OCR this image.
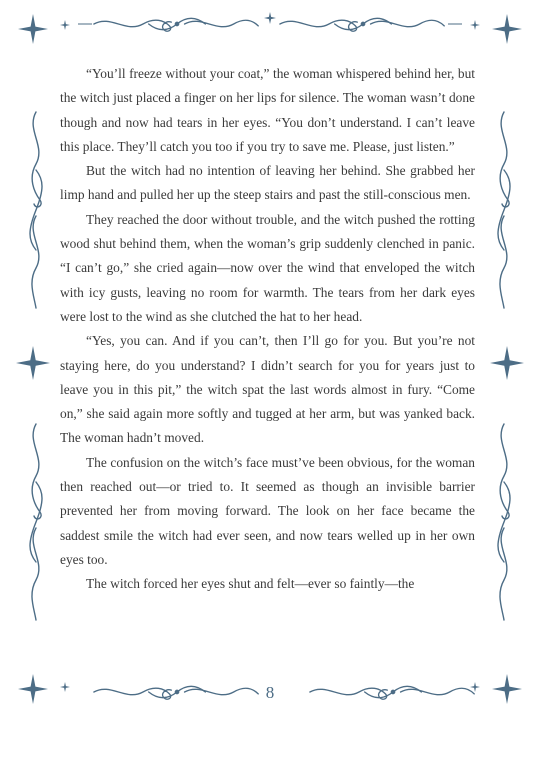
“You’ll freeze without your coat,” the woman whispered behind her, but the witch just placed a finger on her lips for silence. The woman wasn’t done though and now had tears in her eyes. “You don’t understand. I can’t leave this place. They’ll catch you too if you try to save me. Please, just listen.”

But the witch had no intention of leaving her behind. She grabbed her limp hand and pulled her up the steep stairs and past the still-conscious men.

They reached the door without trouble, and the witch pushed the rotting wood shut behind them, when the woman’s grip suddenly clenched in panic. “I can’t go,” she cried again—now over the wind that enveloped the witch with icy gusts, leaving no room for warmth. The tears from her dark eyes were lost to the wind as she clutched the hat to her head.

“Yes, you can. And if you can’t, then I’ll go for you. But you’re not staying here, do you understand? I didn’t search for you for years just to leave you in this pit,” the witch spat the last words almost in fury. “Come on,” she said again more softly and tugged at her arm, but was yanked back. The woman hadn’t moved.

The confusion on the witch’s face must’ve been obvious, for the woman then reached out—or tried to. It seemed as though an invisible barrier prevented her from moving forward. The look on her face became the saddest smile the witch had ever seen, and now tears welled up in her own eyes too.

The witch forced her eyes shut and felt—ever so faintly—the

8
